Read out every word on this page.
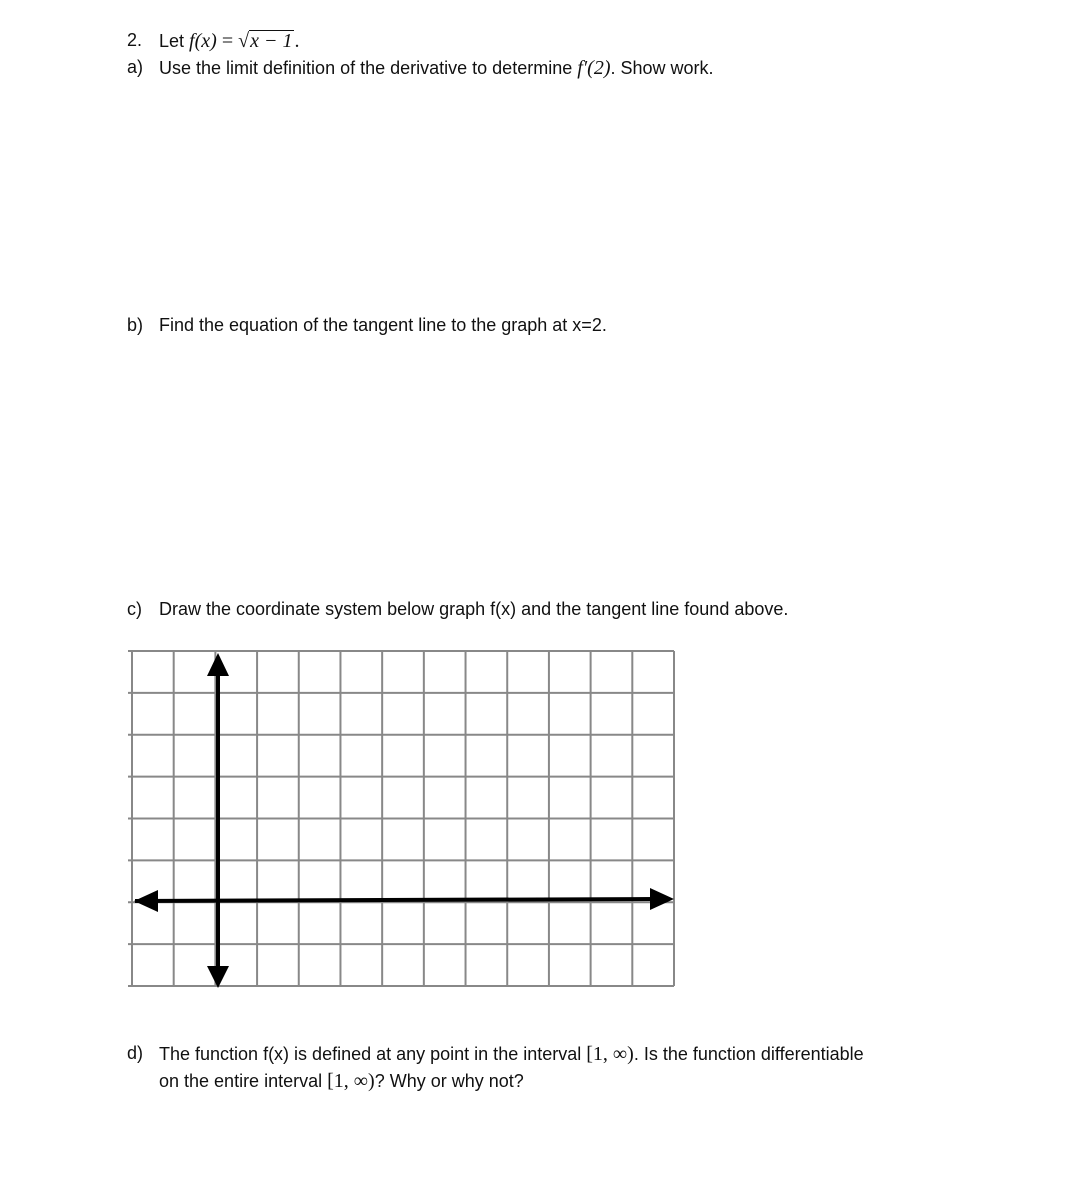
2. Let f(x) = √x − 1 .
a) Use the limit definition of the derivative to determine f′(2). Show work.
b) Find the equation of the tangent line to the graph at x=2.
c) Draw the coordinate system below graph f(x) and the tangent line found above.
d) The function f(x) is defined at any point in the interval [1, ∞). Is the function differentiable
on the entire interval [1, ∞)? Why or why not?
